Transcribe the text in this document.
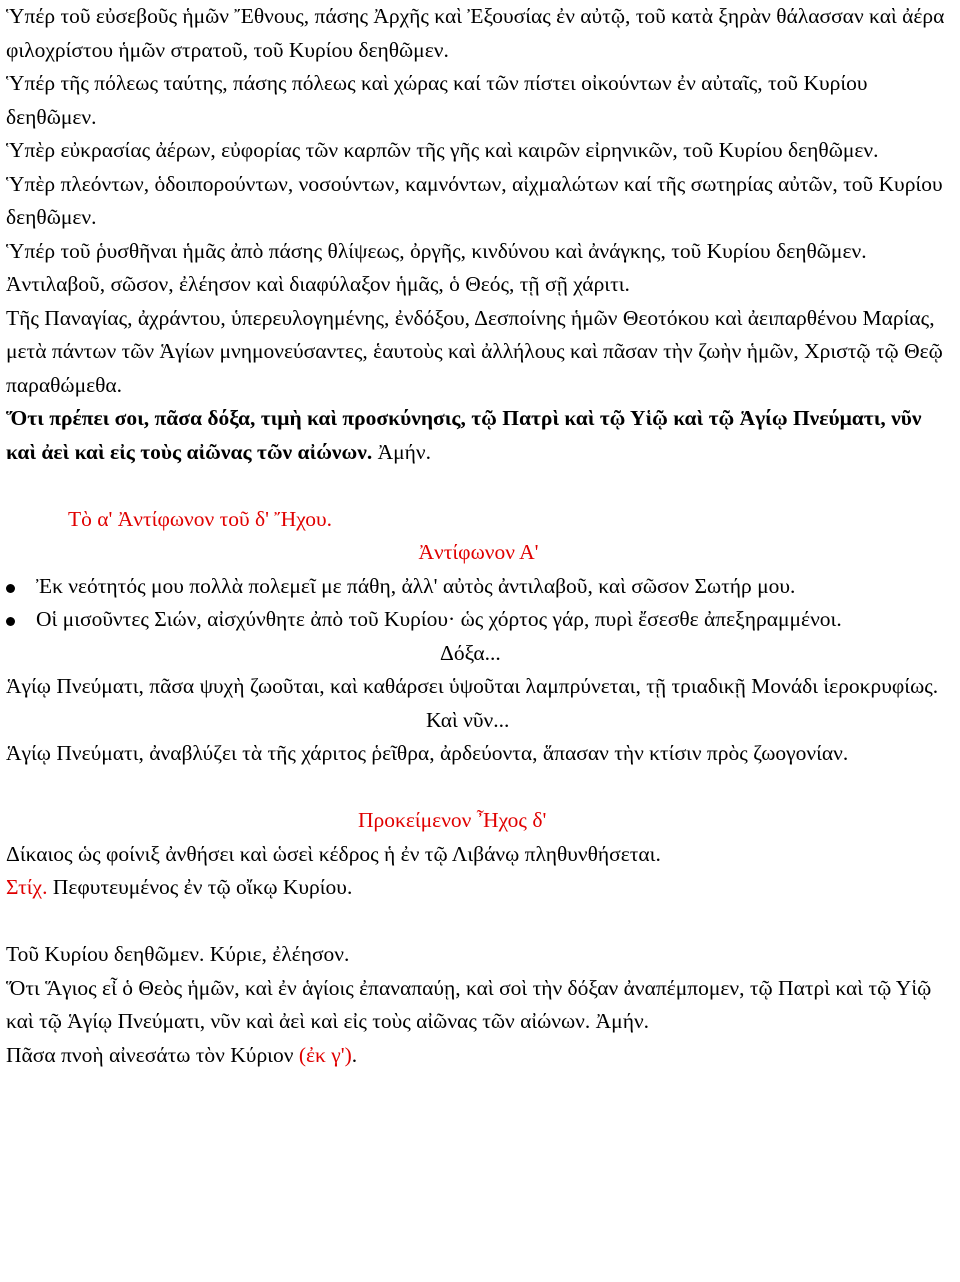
Ὑπέρ τοῦ εὐσεβοῦς ἡμῶν Ἔθνους, πάσης Ἀρχῆς καὶ Ἐξουσίας ἐν αὐτῷ, τοῦ κατὰ ξηρὰν θάλασσαν καὶ ἀέρα φιλοχρίστου ἡμῶν στρατοῦ, τοῦ Κυρίου δεηθῶμεν.

Ὑπέρ τῆς πόλεως ταύτης, πάσης πόλεως καὶ χώρας καί τῶν πίστει οἰκούντων ἐν αὐταῖς, τοῦ Κυρίου δεηθῶμεν.

Ὑπὲρ εὐκρασίας ἀέρων, εὐφορίας τῶν καρπῶν τῆς γῆς καὶ καιρῶν εἰρηνικῶν, τοῦ Κυρίου δεηθῶμεν.

Ὑπὲρ πλεόντων, ὁδοιπορούντων, νοσούντων, καμνόντων, αἰχμαλώτων καί τῆς σωτηρίας αὐτῶν, τοῦ Κυρίου δεηθῶμεν.

Ὑπέρ τοῦ ῥυσθῆναι ἡμᾶς ἀπὸ πάσης θλίψεως, ὀργῆς, κινδύνου καὶ ἀνάγκης, τοῦ Κυρίου δεηθῶμεν.

Ἀντιλαβοῦ, σῶσον, ἐλέησον καὶ διαφύλαξον ἡμᾶς, ὁ Θεός, τῇ σῇ χάριτι.

Τῆς Παναγίας, ἀχράντου, ὑπερευλογημένης, ἐνδόξου, Δεσποίνης ἡμῶν Θεοτόκου καὶ ἀειπαρθένου Μαρίας, μετὰ πάντων τῶν Ἁγίων μνημονεύσαντες, ἑαυτοὺς καὶ ἀλλήλους καὶ πᾶσαν τὴν ζωὴν ἡμῶν, Χριστῷ τῷ Θεῷ παραθώμεθα.

Ὅτι πρέπει σοι, πᾶσα δόξα, τιμὴ καὶ προσκύνησις, τῷ Πατρὶ καὶ τῷ Υἱῷ καὶ τῷ Ἁγίῳ Πνεύματι, νῦν καὶ ἀεὶ καὶ εἰς τοὺς αἰῶνας τῶν αἰώνων. Ἀμήν.

Τὸ α' Ἀντίφωνον τοῦ δ' Ἤχου.

Ἀντίφωνον Α'

Ἐκ νεότητός μου πολλὰ πολεμεῖ με πάθη, ἀλλ' αὐτὸς ἀντιλαβοῦ, καὶ σῶσον Σωτήρ μου.
Οἱ μισοῦντες Σιών, αἰσχύνθητε ἀπὸ τοῦ Κυρίου· ὡς χόρτος γάρ, πυρὶ ἔσεσθε ἀπεξηραμμένοι.

Δόξα...

Ἁγίῳ Πνεύματι, πᾶσα ψυχὴ ζωοῦται, καὶ καθάρσει ὑψοῦται λαμπρύνεται, τῇ τριαδικῇ Μονάδι ἱεροκρυφίως.

Καὶ νῦν...

Ἁγίῳ Πνεύματι, ἀναβλύζει τὰ τῆς χάριτος ῥεῖθρα, ἀρδεύοντα, ἅπασαν τὴν κτίσιν πρὸς ζωογονίαν.

Προκείμενον Ἦχος δ'

Δίκαιος ὡς φοίνιξ ἀνθήσει καὶ ὡσεὶ κέδρος ἡ ἐν τῷ Λιβάνῳ πληθυνθήσεται.

Στίχ. Πεφυτευμένος ἐν τῷ οἴκῳ Κυρίου.

Τοῦ Κυρίου δεηθῶμεν. Κύριε, ἐλέησον.

Ὅτι Ἅγιος εἶ ὁ Θεὸς ἡμῶν, καὶ ἐν ἁγίοις ἐπαναπαύῃ, καὶ σοὶ τὴν δόξαν ἀναπέμπομεν, τῷ Πατρὶ καὶ τῷ Υἱῷ καὶ τῷ Ἁγίῳ Πνεύματι, νῦν καὶ ἀεὶ καὶ εἰς τοὺς αἰῶνας τῶν αἰώνων. Ἀμήν.

Πᾶσα πνοὴ αἰνεσάτω τὸν Κύριον (ἐκ γ').
